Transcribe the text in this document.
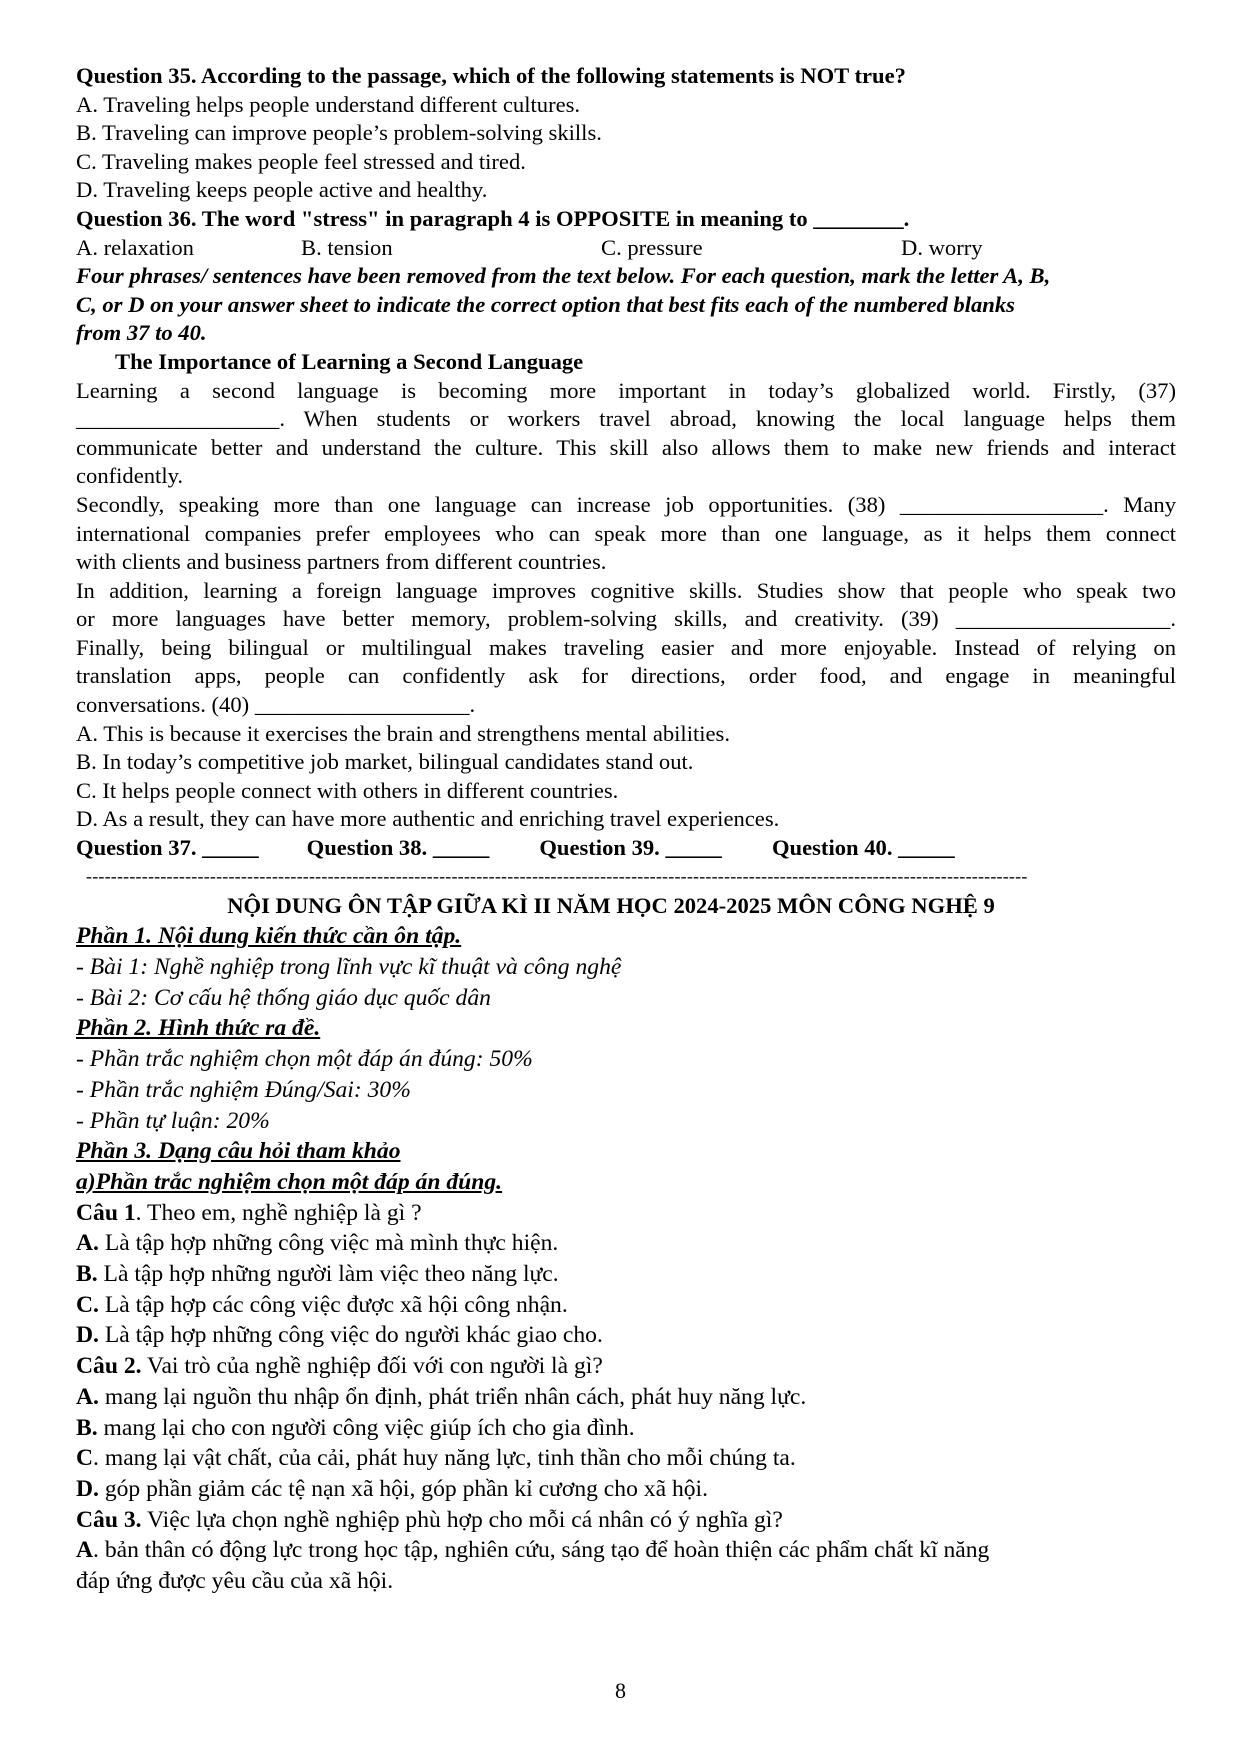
Question 35. According to the passage, which of the following statements is NOT true?
A. Traveling helps people understand different cultures.
B. Traveling can improve people’s problem-solving skills.
C. Traveling makes people feel stressed and tired.
D. Traveling keeps people active and healthy.
Question 36. The word "stress" in paragraph 4 is OPPOSITE in meaning to ________.
A. relaxation	B. tension	C. pressure	D. worry
Four phrases/ sentences have been removed from the text below. For each question, mark the letter A, B,
C, or D on your answer sheet to indicate the correct option that best fits each of the numbered blanks
from 37 to 40.
The Importance of Learning a Second Language
Learning a second language is becoming more important in today’s globalized world. Firstly, (37)
__________________. When students or workers travel abroad, knowing the local language helps them
communicate better and understand the culture. This skill also allows them to make new friends and interact
confidently.
Secondly, speaking more than one language can increase job opportunities. (38) __________________. Many
international companies prefer employees who can speak more than one language, as it helps them connect
with clients and business partners from different countries.
In addition, learning a foreign language improves cognitive skills. Studies show that people who speak two
or more languages have better memory, problem-solving skills, and creativity. (39) ___________________.
Finally, being bilingual or multilingual makes traveling easier and more enjoyable. Instead of relying on
translation apps, people can confidently ask for directions, order food, and engage in meaningful
conversations. (40) ___________________.
A. This is because it exercises the brain and strengthens mental abilities.
B. In today’s competitive job market, bilingual candidates stand out.
C. It helps people connect with others in different countries.
D. As a result, they can have more authentic and enriching travel experiences.
Question 37. _____ Question 38. _____ Question 39. _____ Question 40. _____
--------------------------------------------------------------------------------------------------------------------------------------------------------
NỘI DUNG ÔN TẬP GIỮA KÌ II NĂM HỌC 2024-2025 MÔN CÔNG NGHỆ 9
Phần 1. Nội dung kiến thức cần ôn tập.
- Bài 1: Nghề nghiệp trong lĩnh vực kĩ thuật và công nghệ
- Bài 2: Cơ cấu hệ thống giáo dục quốc dân
Phần 2. Hình thức ra đề.
- Phần trắc nghiệm chọn một đáp án đúng: 50%
- Phần trắc nghiệm Đúng/Sai: 30%
- Phần tự luận: 20%
Phần 3. Dạng câu hỏi tham khảo
a)Phần trắc nghiệm chọn một đáp án đúng.
Câu 1. Theo em, nghề nghiệp là gì ?
A. Là tập hợp những công việc mà mình thực hiện.
B. Là tập hợp những người làm việc theo năng lực.
C. Là tập hợp các công việc được xã hội công nhận.
D. Là tập hợp những công việc do người khác giao cho.
Câu 2. Vai trò của nghề nghiệp đối với con người là gì?
A. mang lại nguồn thu nhập ổn định, phát triển nhân cách, phát huy năng lực.
B. mang lại cho con người công việc giúp ích cho gia đình.
C. mang lại vật chất, của cải, phát huy năng lực, tinh thần cho mỗi chúng ta.
D. góp phần giảm các tệ nạn xã hội, góp phần kỉ cương cho xã hội.
Câu 3. Việc lựa chọn nghề nghiệp phù hợp cho mỗi cá nhân có ý nghĩa gì?
A. bản thân có động lực trong học tập, nghiên cứu, sáng tạo để hoàn thiện các phẩm chất kĩ năng
đáp ứng được yêu cầu của xã hội.
8
